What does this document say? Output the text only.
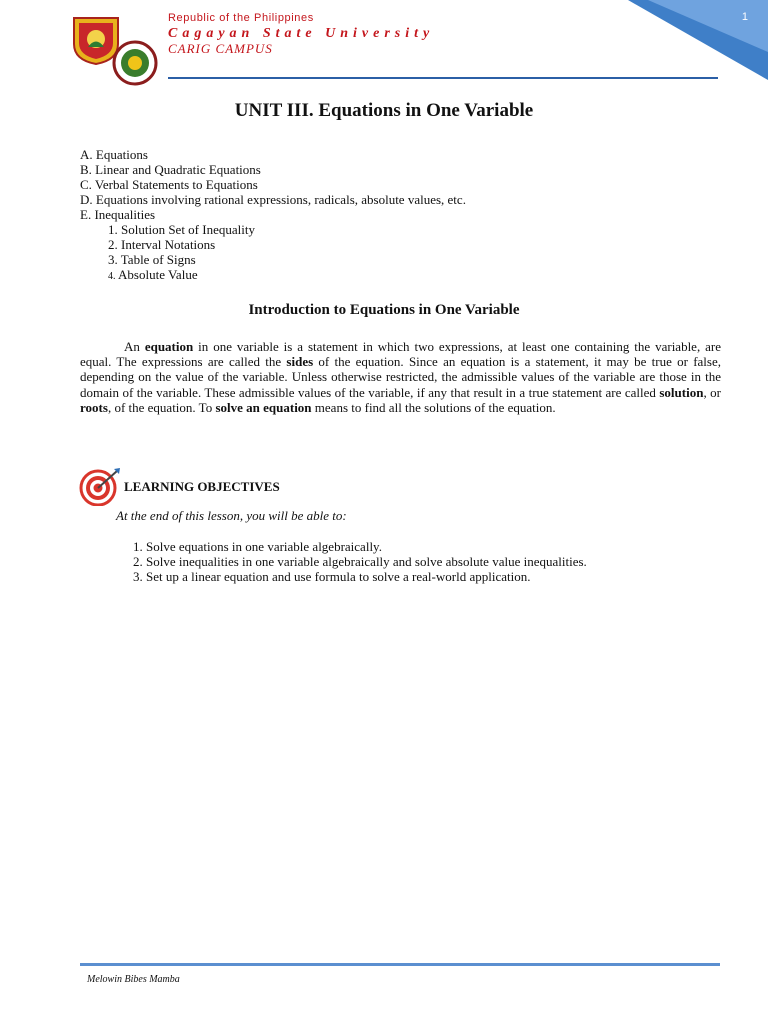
1
Republic of the Philippines
Cagayan State University
CARIG CAMPUS
UNIT III. Equations in One Variable
A. Equations
B. Linear and Quadratic Equations
C. Verbal Statements to Equations
D. Equations involving rational expressions, radicals, absolute values, etc.
E. Inequalities
1. Solution Set of Inequality
2. Interval Notations
3. Table of Signs
4. Absolute Value
Introduction to Equations in One Variable

An equation in one variable is a statement in which two expressions, at least one containing the variable, are equal. The expressions are called the sides of the equation. Since an equation is a statement, it may be true or false, depending on the value of the variable. Unless otherwise restricted, the admissible values of the variable are those in the domain of the variable. These admissible values of the variable, if any that result in a true statement are called solution, or roots, of the equation. To solve an equation means to find all the solutions of the equation.

LEARNING OBJECTIVES
At the end of this lesson, you will be able to:
1. Solve equations in one variable algebraically.
2. Solve inequalities in one variable algebraically and solve absolute value inequalities.
3. Set up a linear equation and use formula to solve a real-world application.
Melowin Bibes Mamba
